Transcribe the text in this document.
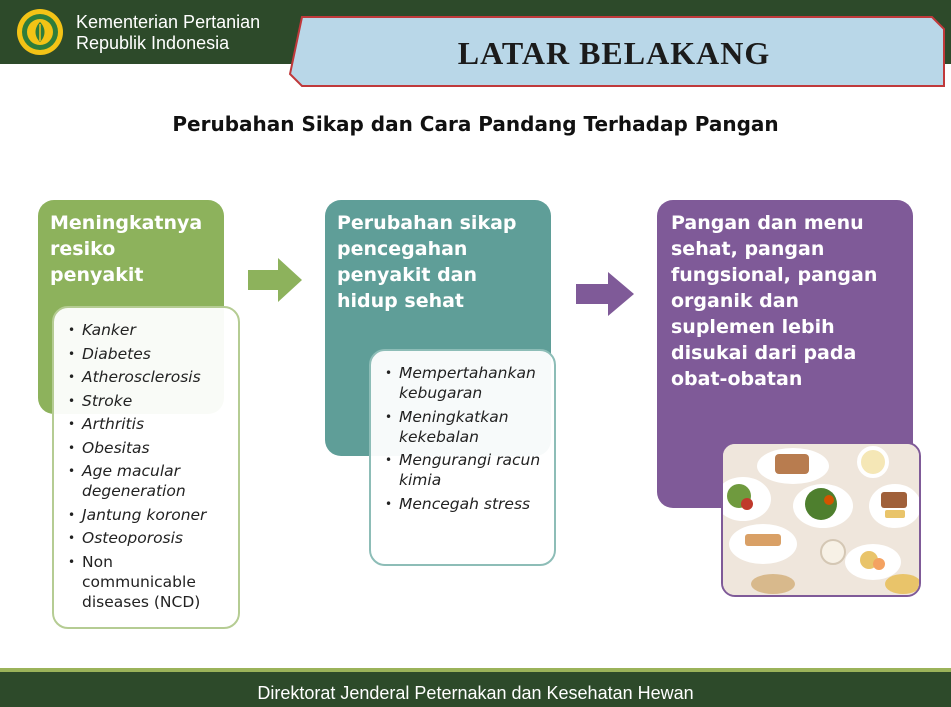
Kementerian Pertanian
Republik Indonesia	LATAR BELAKANG
Perubahan Sikap dan Cara Pandang Terhadap Pangan
Meningkatnya resiko penyakit
• Kanker
• Diabetes
• Atherosclerosis
• Stroke
• Arthritis
• Obesitas
• Age macular degeneration
• Jantung koroner
• Osteoporosis
• Non communicable diseases (NCD)
Perubahan sikap pencegahan penyakit dan hidup sehat
• Mempertahankan kebugaran
• Meningkatkan kekebalan
• Mengurangi racun kimia
• Mencegah stress
Pangan dan menu sehat, pangan fungsional, pangan organik dan suplemen lebih disukai dari pada obat-obatan
Direktorat Jenderal Peternakan dan Kesehatan Hewan
